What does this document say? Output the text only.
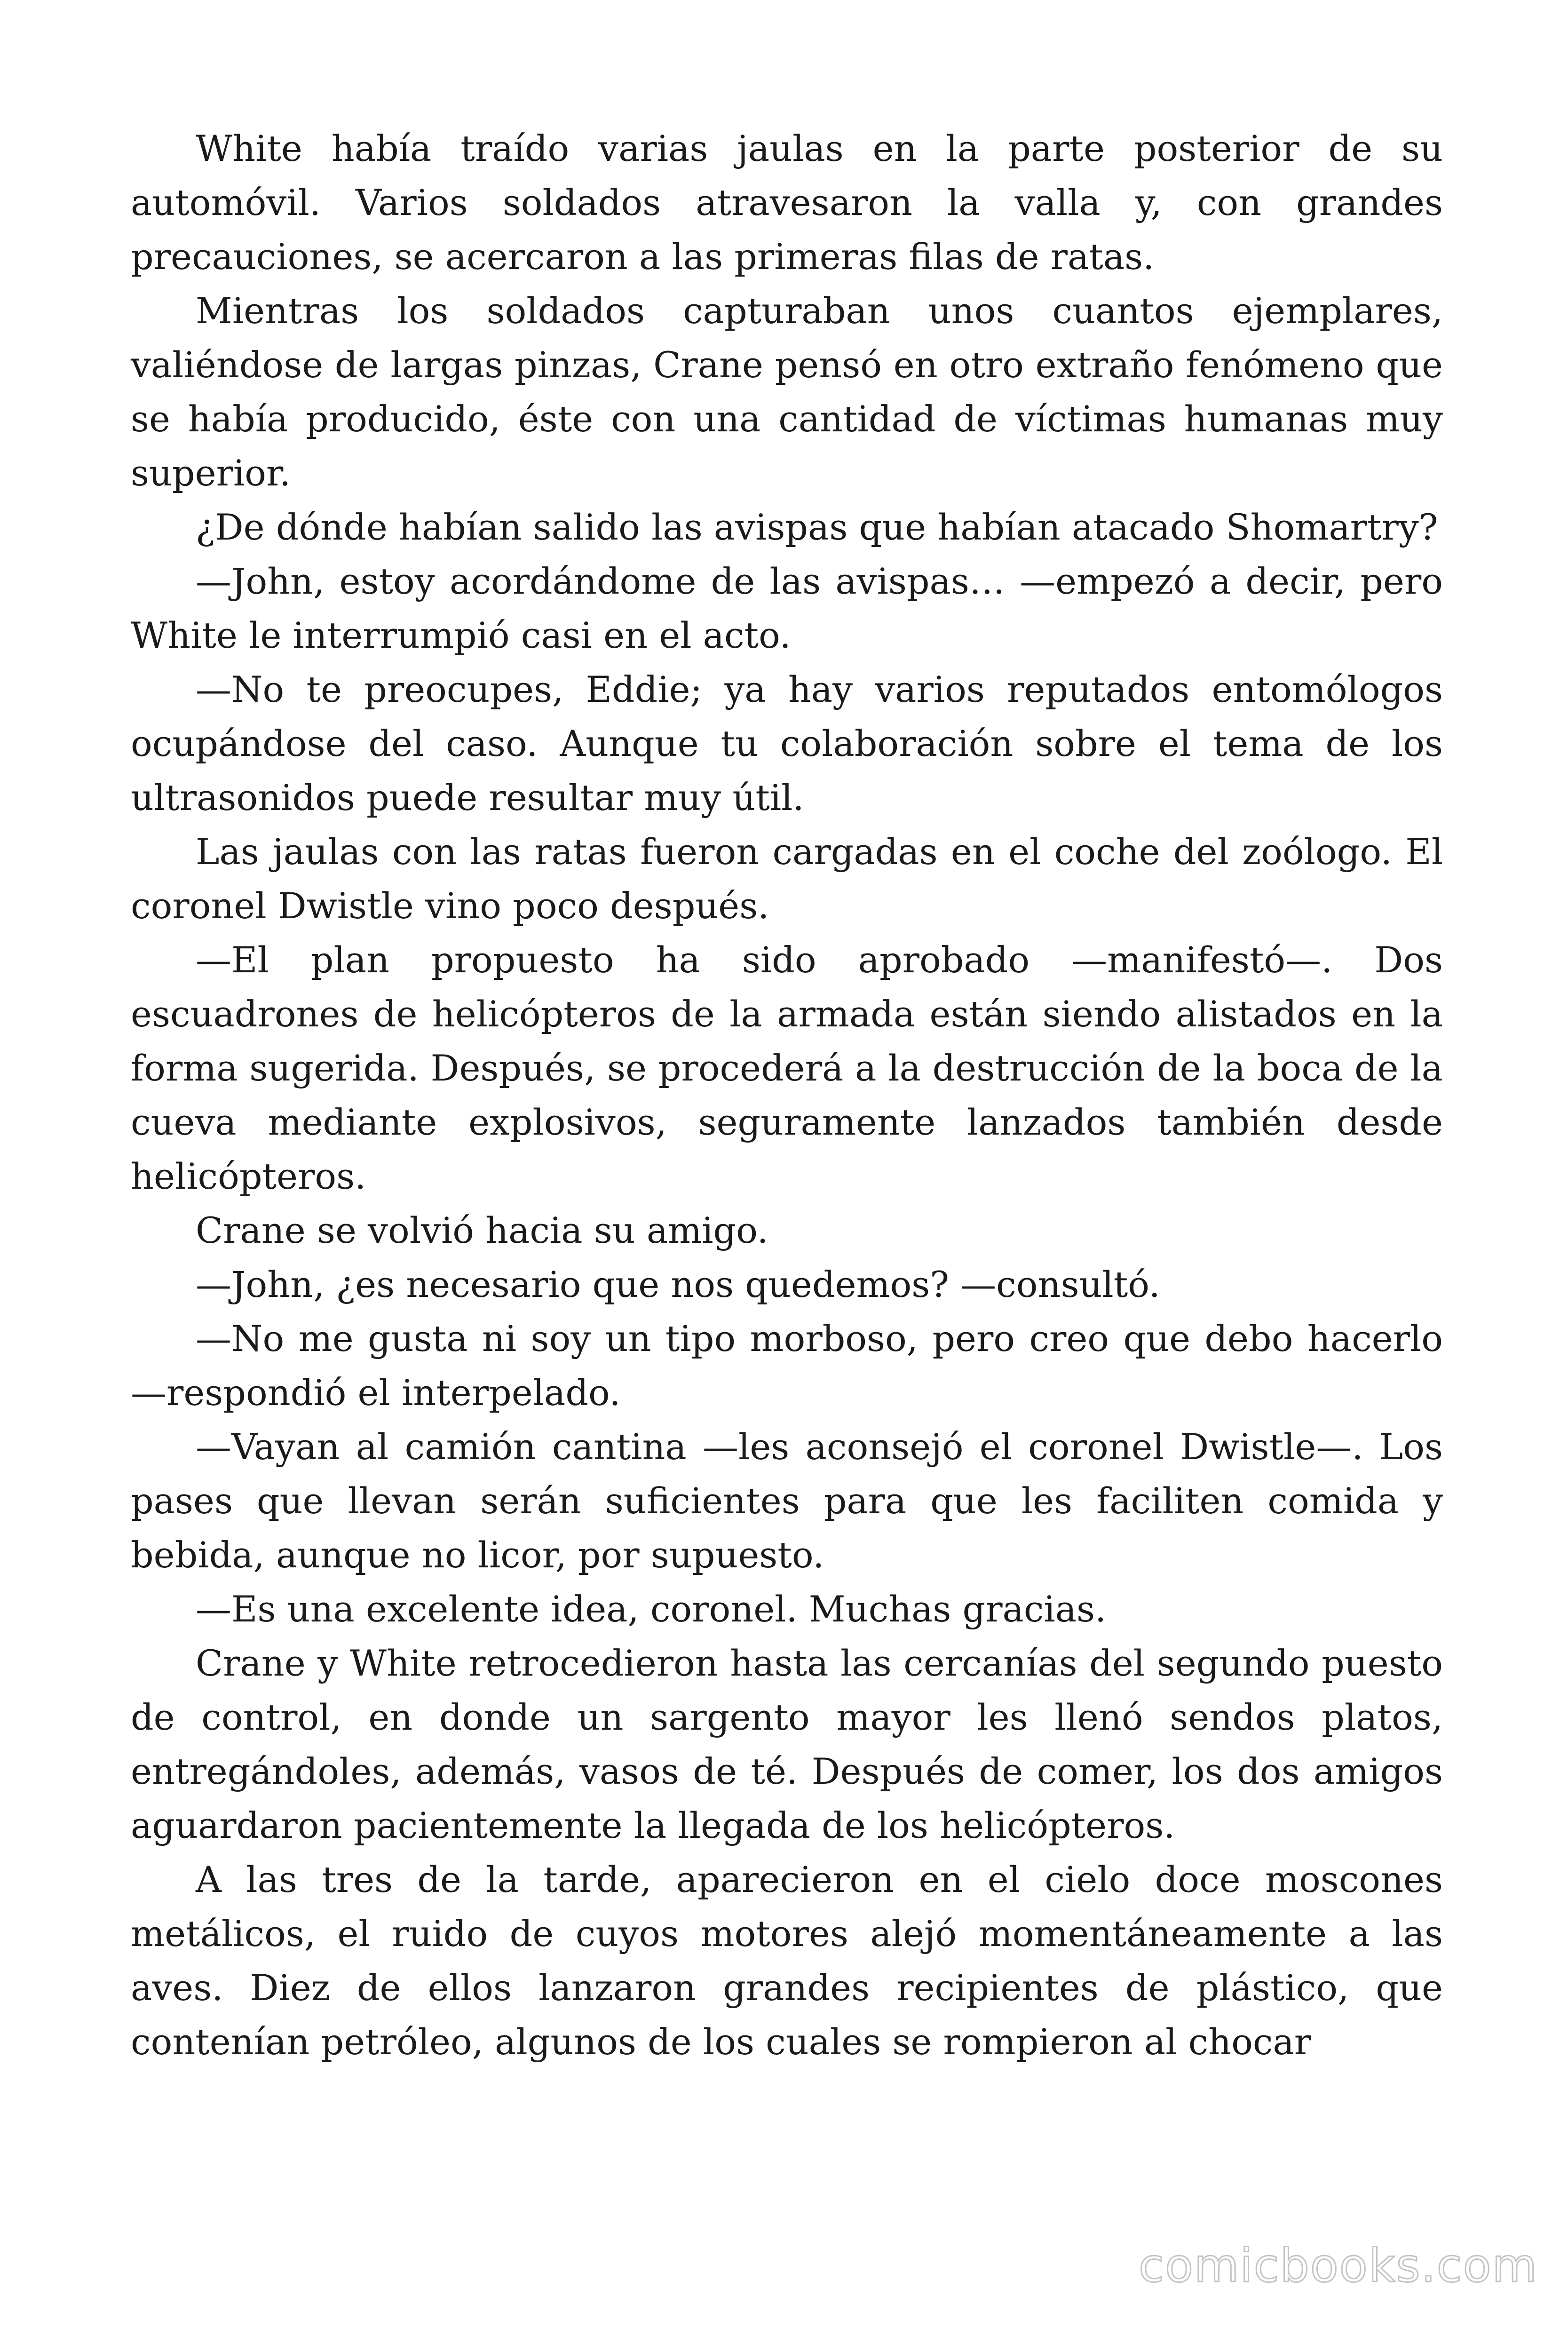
White había traído varias jaulas en la parte posterior de su automóvil. Varios soldados atravesaron la valla y, con grandes precauciones, se acercaron a las primeras filas de ratas.

Mientras los soldados capturaban unos cuantos ejemplares, valiéndose de largas pinzas, Crane pensó en otro extraño fenómeno que se había producido, éste con una cantidad de víctimas humanas muy superior.

¿De dónde habían salido las avispas que habían atacado Shomartry?

—John, estoy acordándome de las avispas… —empezó a decir, pero White le interrumpió casi en el acto.

—No te preocupes, Eddie; ya hay varios reputados entomólogos ocupándose del caso. Aunque tu colaboración sobre el tema de los ultrasonidos puede resultar muy útil.

Las jaulas con las ratas fueron cargadas en el coche del zoólogo. El coronel Dwistle vino poco después.

—El plan propuesto ha sido aprobado —manifestó—. Dos escuadrones de helicópteros de la armada están siendo alistados en la forma sugerida. Después, se procederá a la destrucción de la boca de la cueva mediante explosivos, seguramente lanzados también desde helicópteros.

Crane se volvió hacia su amigo.

—John, ¿es necesario que nos quedemos? —consultó.

—No me gusta ni soy un tipo morboso, pero creo que debo hacerlo —respondió el interpelado.

—Vayan al camión cantina —les aconsejó el coronel Dwistle—. Los pases que llevan serán suficientes para que les faciliten comida y bebida, aunque no licor, por supuesto.

—Es una excelente idea, coronel. Muchas gracias.

Crane y White retrocedieron hasta las cercanías del segundo puesto de control, en donde un sargento mayor les llenó sendos platos, entregándoles, además, vasos de té. Después de comer, los dos amigos aguardaron pacientemente la llegada de los helicópteros.

A las tres de la tarde, aparecieron en el cielo doce moscones metálicos, el ruido de cuyos motores alejó momentáneamente a las aves. Diez de ellos lanzaron grandes recipientes de plástico, que contenían petróleo, algunos de los cuales se rompieron al chocar

comicbooks.com
